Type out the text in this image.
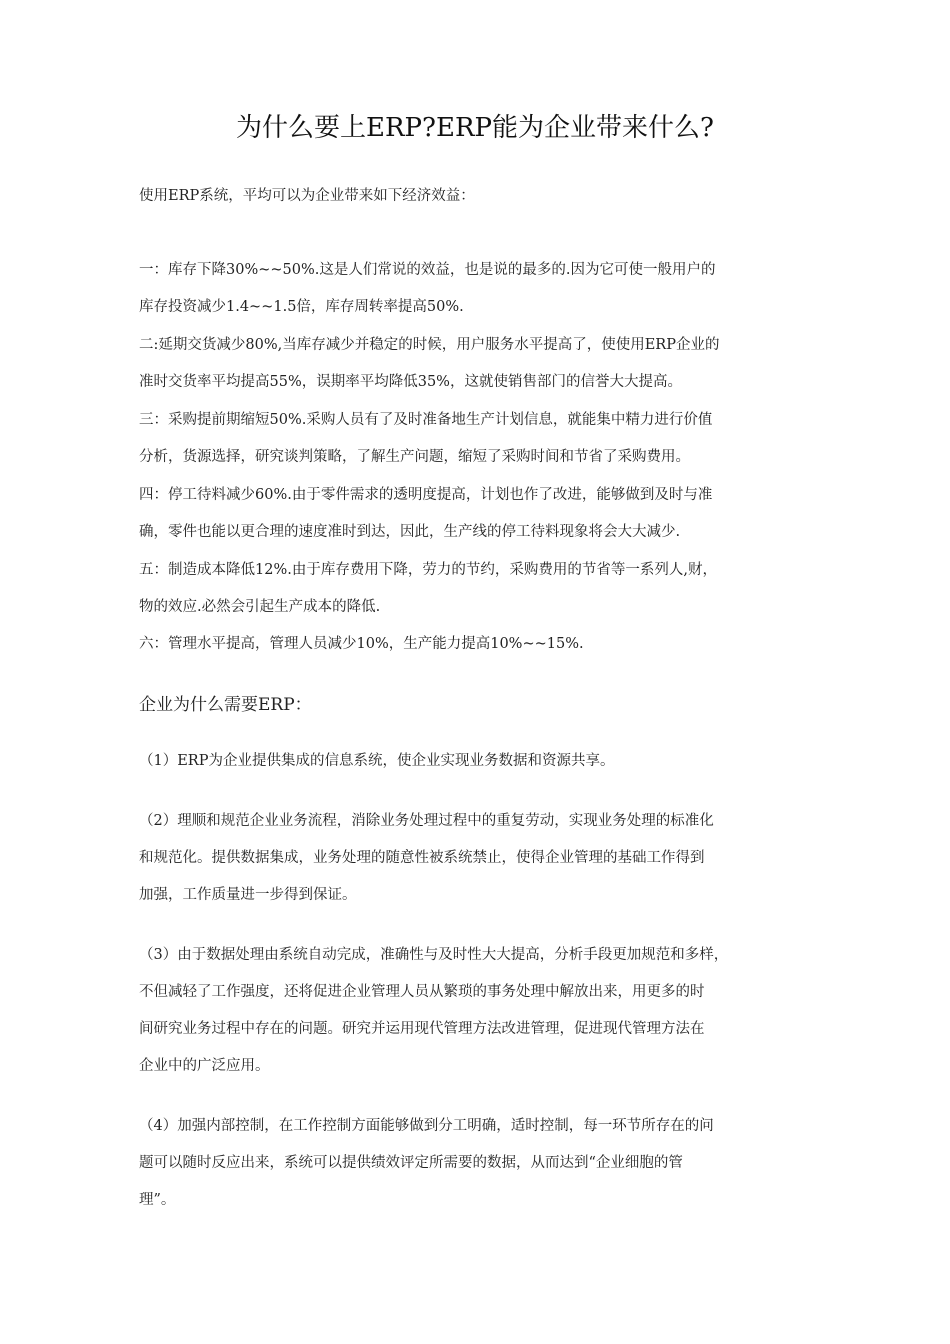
为什么要上ERP?ERP能为企业带来什么?
使用ERP系统，平均可以为企业带来如下经济效益：
一：库存下降30%~~50%.这是人们常说的效益，也是说的最多的.因为它可使一般用户的
库存投资减少1.4~~1.5倍，库存周转率提高50%.
二:延期交货减少80%,当库存减少并稳定的时候，用户服务水平提高了，使使用ERP企业的
准时交货率平均提高55%，误期率平均降低35%，这就使销售部门的信誉大大提高。
三：采购提前期缩短50%.采购人员有了及时准备地生产计划信息，就能集中精力进行价值
分析，货源选择，研究谈判策略，了解生产问题，缩短了采购时间和节省了采购费用。
四：停工待料减少60%.由于零件需求的透明度提高，计划也作了改进，能够做到及时与准
确，零件也能以更合理的速度准时到达，因此，生产线的停工待料现象将会大大减少.
五：制造成本降低12%.由于库存费用下降，劳力的节约，采购费用的节省等一系列人,财，
物的效应.必然会引起生产成本的降低.
六：管理水平提高，管理人员减少10%，生产能力提高10%~~15%.
企业为什么需要ERP：
（1）ERP为企业提供集成的信息系统，使企业实现业务数据和资源共享。
（2）理顺和规范企业业务流程，消除业务处理过程中的重复劳动，实现业务处理的标准化
和规范化。提供数据集成，业务处理的随意性被系统禁止，使得企业管理的基础工作得到
加强，工作质量进一步得到保证。
（3）由于数据处理由系统自动完成，准确性与及时性大大提高，分析手段更加规范和多样，
不但减轻了工作强度，还将促进企业管理人员从繁琐的事务处理中解放出来，用更多的时
间研究业务过程中存在的问题。研究并运用现代管理方法改进管理，促进现代管理方法在
企业中的广泛应用。
（4）加强内部控制，在工作控制方面能够做到分工明确，适时控制，每一环节所存在的问
题可以随时反应出来，系统可以提供绩效评定所需要的数据，从而达到“企业细胞的管
理”。
